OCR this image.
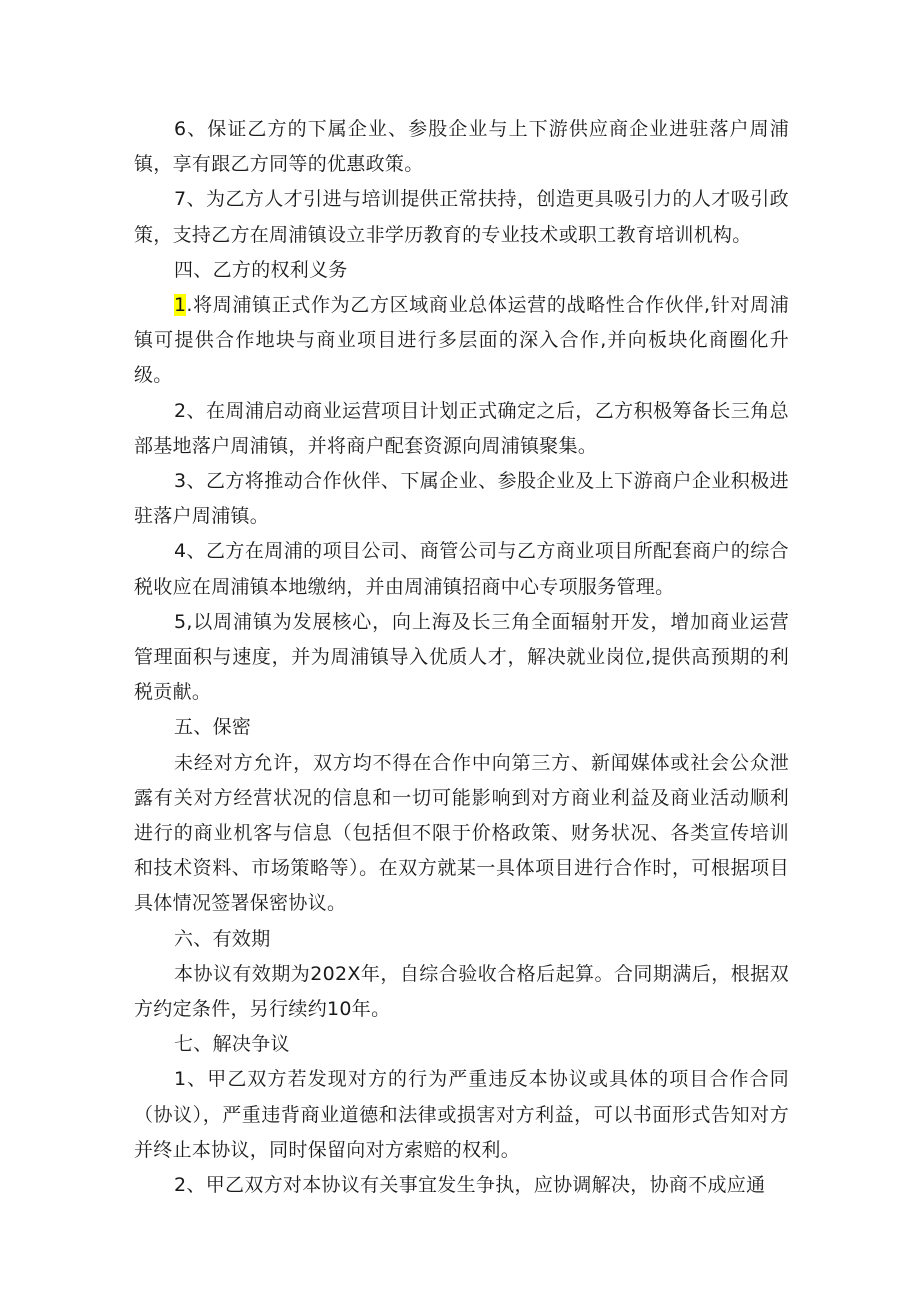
6、保证乙方的下属企业、参股企业与上下游供应商企业进驻落户周浦镇，享有跟乙方同等的优惠政策。

7、为乙方人才引进与培训提供正常扶持，创造更具吸引力的人才吸引政策，支持乙方在周浦镇设立非学历教育的专业技术或职工教育培训机构。

四、乙方的权利义务

1.将周浦镇正式作为乙方区域商业总体运营的战略性合作伙伴,针对周浦镇可提供合作地块与商业项目进行多层面的深入合作,并向板块化商圈化升级。

2、在周浦启动商业运营项目计划正式确定之后，乙方积极筹备长三角总部基地落户周浦镇，并将商户配套资源向周浦镇聚集。

3、乙方将推动合作伙伴、下属企业、参股企业及上下游商户企业积极进驻落户周浦镇。

4、乙方在周浦的项目公司、商管公司与乙方商业项目所配套商户的综合税收应在周浦镇本地缴纳，并由周浦镇招商中心专项服务管理。

5,以周浦镇为发展核心，向上海及长三角全面辐射开发，增加商业运营管理面积与速度，并为周浦镇导入优质人才，解决就业岗位,提供高预期的利税贡献。

五、保密

未经对方允许，双方均不得在合作中向第三方、新闻媒体或社会公众泄露有关对方经营状况的信息和一切可能影响到对方商业利益及商业活动顺利进行的商业机客与信息（包括但不限于价格政策、财务状况、各类宣传培训和技术资料、市场策略等）。在双方就某一具体项目进行合作时，可根据项目具体情况签署保密协议。

六、有效期

本协议有效期为202X年，自综合验收合格后起算。合同期满后，根据双方约定条件，另行续约10年。

七、解决争议

1、甲乙双方若发现对方的行为严重违反本协议或具体的项目合作合同（协议），严重违背商业道德和法律或损害对方利益，可以书面形式告知对方并终止本协议，同时保留向对方索赔的权利。

2、甲乙双方对本协议有关事宜发生争执，应协调解决，协商不成应通
